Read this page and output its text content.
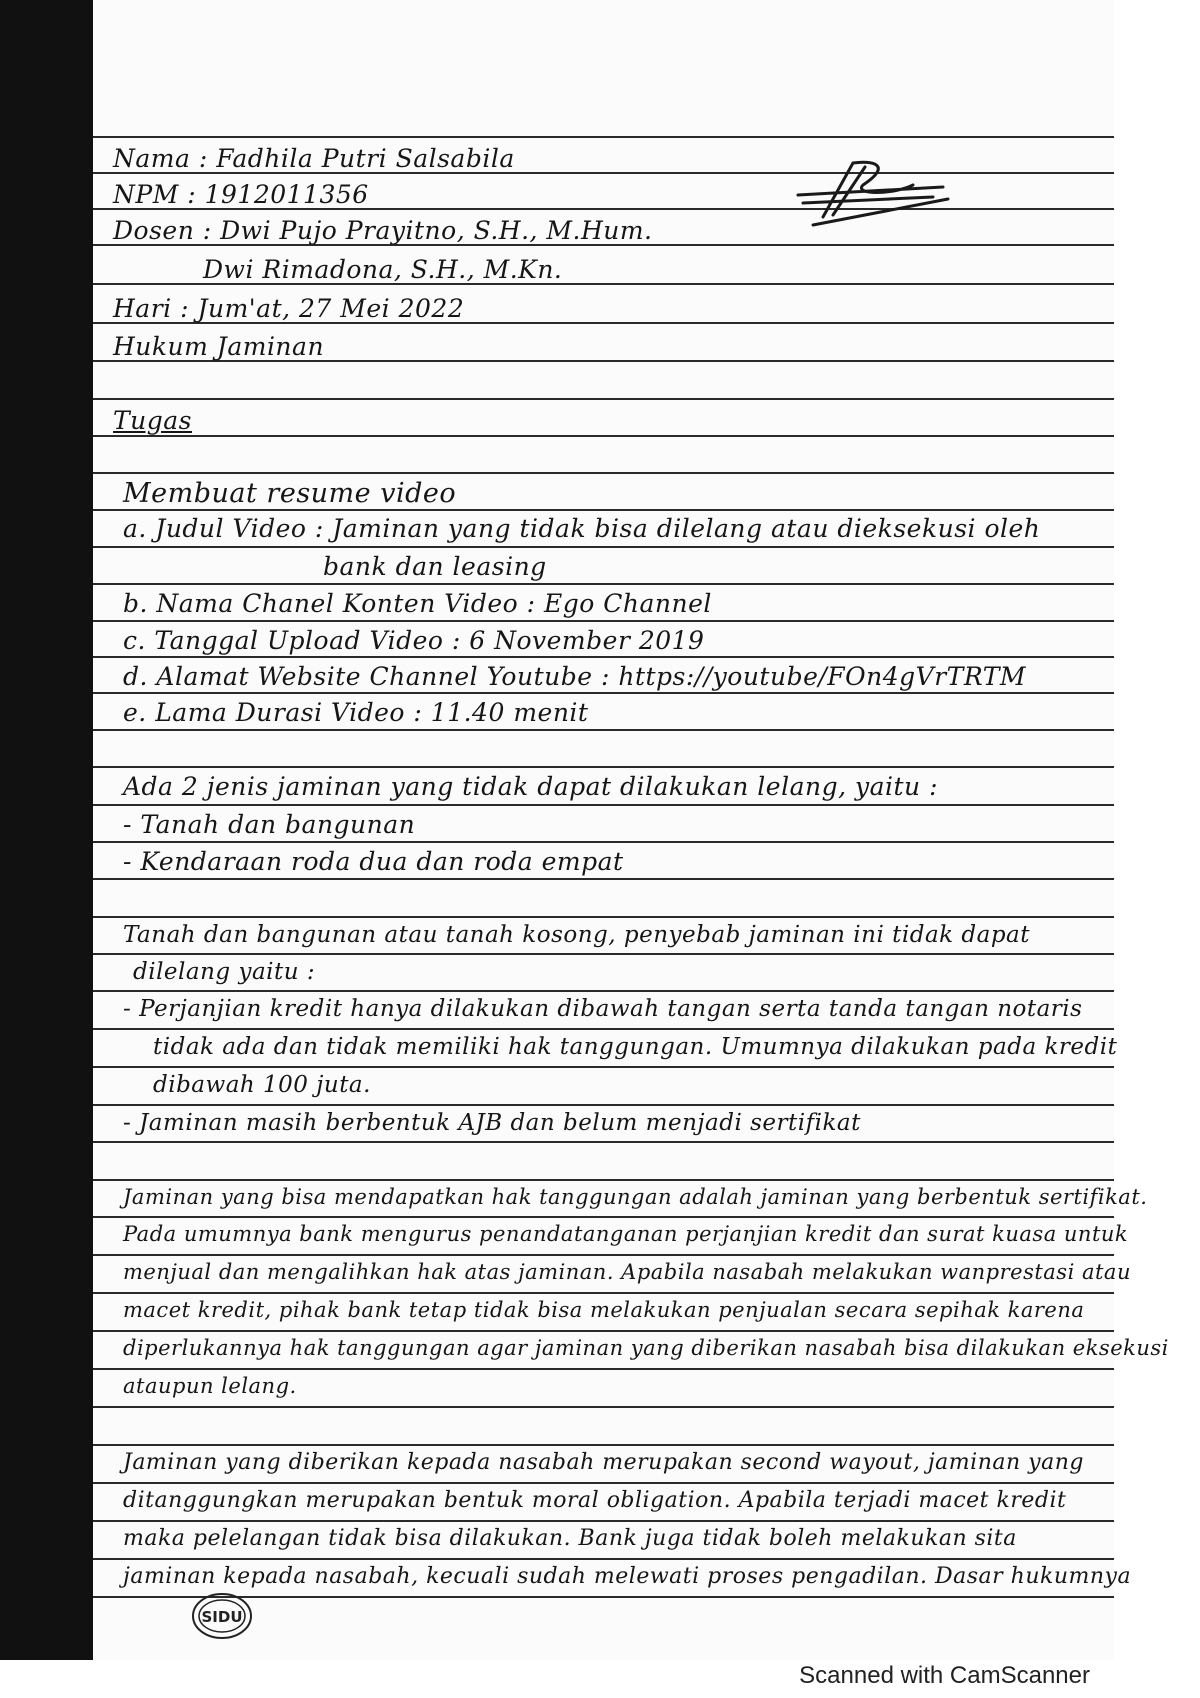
Nama : Fadhila Putri Salsabila
NPM : 1912011356
Dosen : Dwi Pujo Prayitno, S.H., M.Hum.
Dwi Rimadona, S.H., M.Kn.
Hari : Jum'at, 27 Mei 2022
Hukum Jaminan
Tugas
Membuat resume video
a. Judul Video : Jaminan yang tidak bisa dilelang atau dieksekusi oleh
bank dan leasing
b. Nama Chanel Konten Video : Ego Channel
c. Tanggal Upload Video : 6 November 2019
d. Alamat Website Channel Youtube : https://youtube/FOn4gVrTRTM
e. Lama Durasi Video : 11.40 menit
Ada 2 jenis jaminan yang tidak dapat dilakukan lelang, yaitu :
- Tanah dan bangunan
- Kendaraan roda dua dan roda empat
Tanah dan bangunan atau tanah kosong, penyebab jaminan ini tidak dapat
dilelang yaitu :
- Perjanjian kredit hanya dilakukan dibawah tangan serta tanda tangan notaris
tidak ada dan tidak memiliki hak tanggungan. Umumnya dilakukan pada kredit
dibawah 100 juta.
- Jaminan masih berbentuk AJB dan belum menjadi sertifikat
Jaminan yang bisa mendapatkan hak tanggungan adalah jaminan yang berbentuk sertifikat.
Pada umumnya bank mengurus penandatanganan perjanjian kredit dan surat kuasa untuk
menjual dan mengalihkan hak atas jaminan. Apabila nasabah melakukan wanprestasi atau
macet kredit, pihak bank tetap tidak bisa melakukan penjualan secara sepihak karena
diperlukannya hak tanggungan agar jaminan yang diberikan nasabah bisa dilakukan eksekusi
ataupun lelang.
Jaminan yang diberikan kepada nasabah merupakan second wayout, jaminan yang
ditanggungkan merupakan bentuk moral obligation. Apabila terjadi macet kredit
maka pelelangan tidak bisa dilakukan. Bank juga tidak boleh melakukan sita
jaminan kepada nasabah, kecuali sudah melewati proses pengadilan. Dasar hukumnya
SIDU
Scanned with CamScanner
